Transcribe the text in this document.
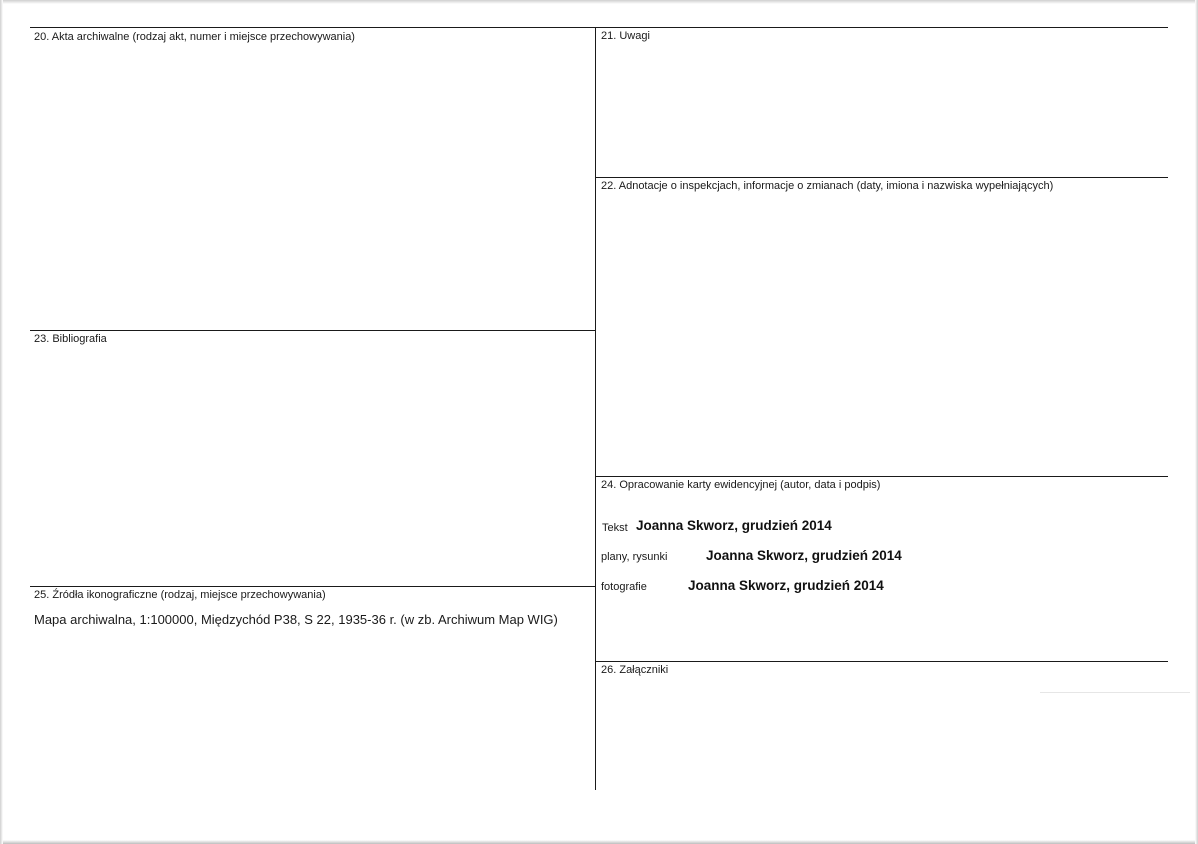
20. Akta archiwalne (rodzaj akt, numer i miejsce przechowywania)
23. Bibliografia
25. Źródła ikonograficzne (rodzaj, miejsce przechowywania)
Mapa archiwalna, 1:100000, Międzychód P38, S 22, 1935-36 r. (w zb. Archiwum Map WIG)
21. Uwagi
22. Adnotacje o inspekcjach, informacje o zmianach (daty, imiona i nazwiska wypełniających)
24. Opracowanie karty ewidencyjnej (autor, data i podpis)
Tekst Joanna Skworz, grudzień 2014
plany, rysunki	Joanna Skworz, grudzień 2014
fotografie	Joanna Skworz, grudzień 2014
26. Załączniki
